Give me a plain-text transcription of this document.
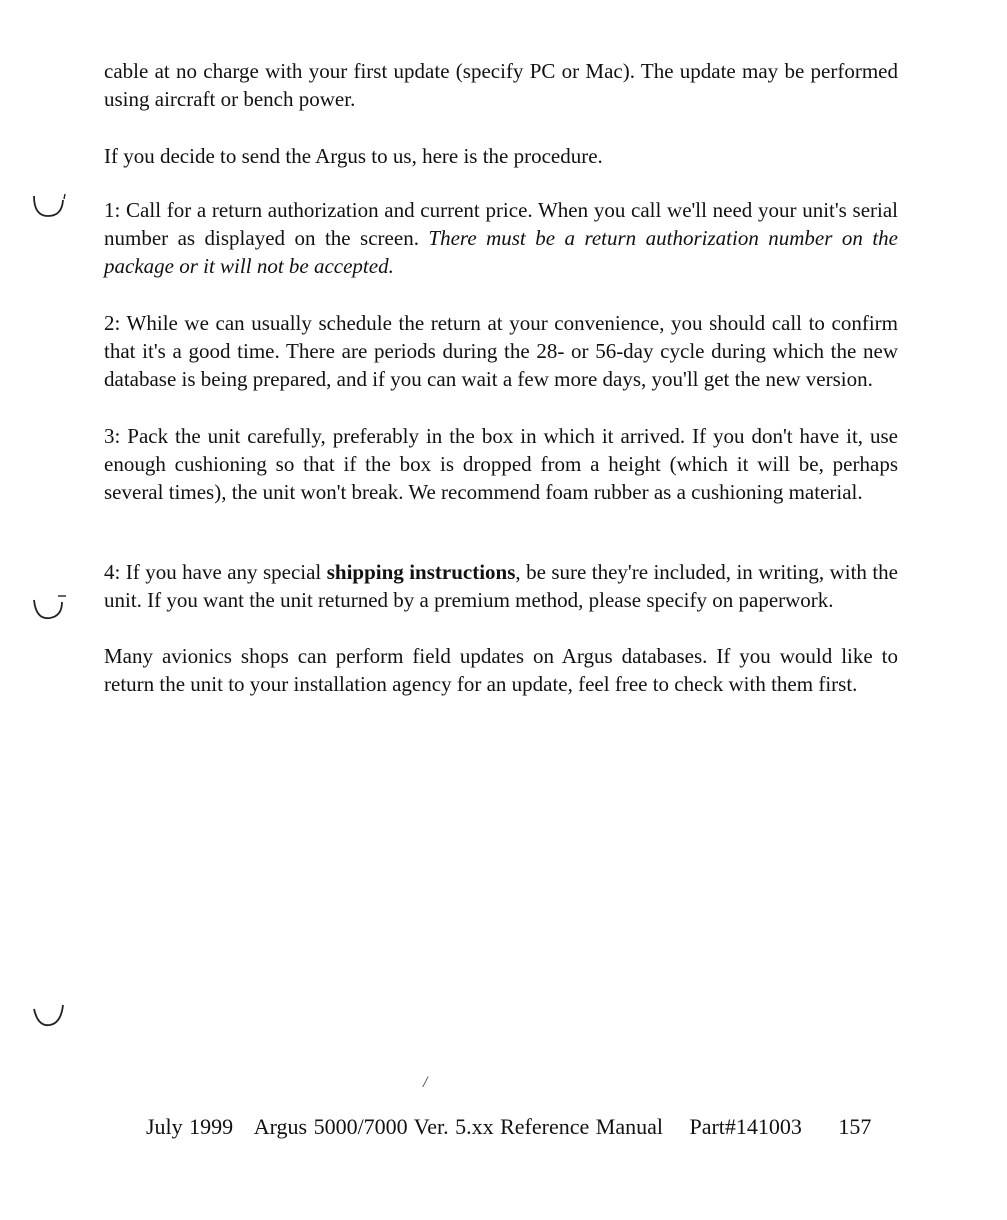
cable at no charge with your first update (specify PC or Mac). The update may be performed using aircraft or bench power.

If you decide to send the Argus to us, here is the procedure.

1: Call for a return authorization and current price. When you call we'll need your unit's serial number as displayed on the screen. There must be a return authorization number on the package or it will not be accepted.

2: While we can usually schedule the return at your convenience, you should call to confirm that it's a good time. There are periods during the 28- or 56-day cycle during which the new database is being prepared, and if you can wait a few more days, you'll get the new version.

3: Pack the unit carefully, preferably in the box in which it arrived. If you don't have it, use enough cushioning so that if the box is dropped from a height (which it will be, perhaps several times), the unit won't break. We recommend foam rubber as a cushioning material.

4: If you have any special shipping instructions, be sure they're included, in writing, with the unit. If you want the unit returned by a premium method, please specify on paperwork.

Many avionics shops can perform field updates on Argus databases. If you would like to return the unit to your installation agency for an update, feel free to check with them first.

/
July 1999 Argus 5000/7000 Ver. 5.xx Reference Manual Part#141003 157
